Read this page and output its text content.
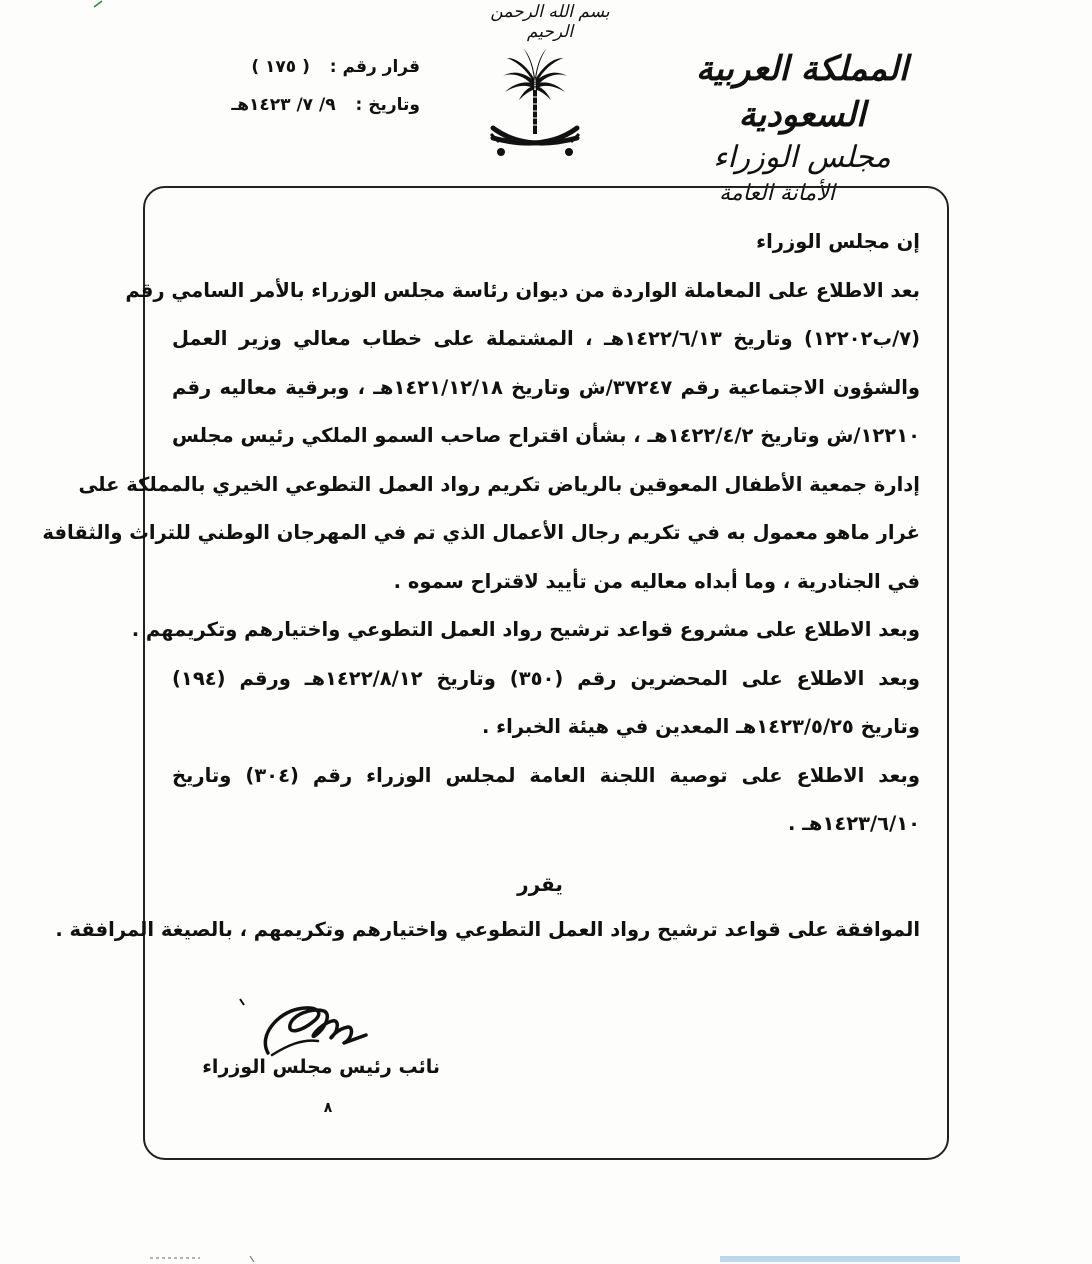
بسم الله الرحمن الرحيم
المملكة العربية السعودية
مجلس الوزراء
الأمانة العامة
قرار رقم : ( ١٧٥ )
وتاريخ : ٩/ ٧/ ١٤٢٣هـ
إن مجلس الوزراء
بعد الاطلاع على المعاملة الواردة من ديوان رئاسة مجلس الوزراء بالأمر السامي رقم
(٧/ب١٢٢٠٢) وتاريخ ١٤٢٢/٦/١٣هـ ، المشتملة على خطاب معالي وزير العمل
والشؤون الاجتماعية رقم ٣٧٢٤٧/ش وتاريخ ١٤٢١/١٢/١٨هـ ، وبرقية معاليه رقم
١٢٢١٠/ش وتاريخ ١٤٢٢/٤/٢هـ ، بشأن اقتراح صاحب السمو الملكي رئيس مجلس
إدارة جمعية الأطفال المعوقين بالرياض تكريم رواد العمل التطوعي الخيري بالمملكة على
غرار ماهو معمول به في تكريم رجال الأعمال الذي تم في المهرجان الوطني للتراث والثقافة
في الجنادرية ، وما أبداه معاليه من تأييد لاقتراح سموه .
وبعد الاطلاع على مشروع قواعد ترشيح رواد العمل التطوعي واختيارهم وتكريمهم .
وبعد الاطلاع على المحضرين رقم (٣٥٠) وتاريخ ١٤٢٢/٨/١٢هـ ورقم (١٩٤)
وتاريخ ١٤٢٣/٥/٢٥هـ المعدين في هيئة الخبراء .
وبعد الاطلاع على توصية اللجنة العامة لمجلس الوزراء رقم (٣٠٤) وتاريخ
١٤٢٣/٦/١٠هـ .
يقرر
الموافقة على قواعد ترشيح رواد العمل التطوعي واختيارهم وتكريمهم ، بالصيغة المرافقة .
نائب رئيس مجلس الوزراء
٨
